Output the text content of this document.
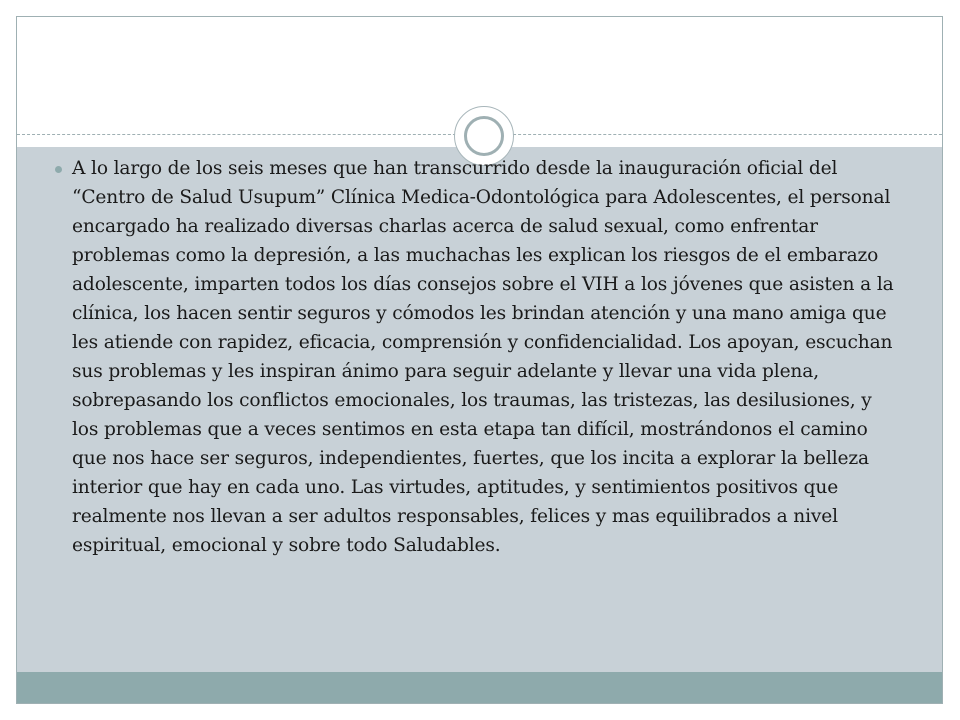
A lo largo de los seis meses que han transcurrido desde la inauguración oficial del “Centro de Salud Usupum” Clínica Medica-Odontológica para Adolescentes, el personal encargado ha realizado diversas charlas acerca de salud sexual, como enfrentar problemas como la depresión, a las muchachas les explican los riesgos de el embarazo adolescente, imparten todos los días consejos sobre el VIH a los jóvenes que asisten a la clínica, los hacen sentir seguros y cómodos les brindan atención y una mano amiga que les atiende con rapidez, eficacia, comprensión y confidencialidad. Los apoyan, escuchan sus problemas y les inspiran ánimo para seguir adelante y llevar una vida plena, sobrepasando los conflictos emocionales, los traumas, las tristezas, las desilusiones, y los problemas que a veces sentimos en esta etapa tan difícil, mostrándonos el camino que nos hace ser seguros, independientes, fuertes, que los incita a explorar la belleza interior que hay en cada uno. Las virtudes, aptitudes, y sentimientos positivos que realmente nos llevan a ser adultos responsables, felices y mas equilibrados a nivel espiritual, emocional y sobre todo Saludables.
